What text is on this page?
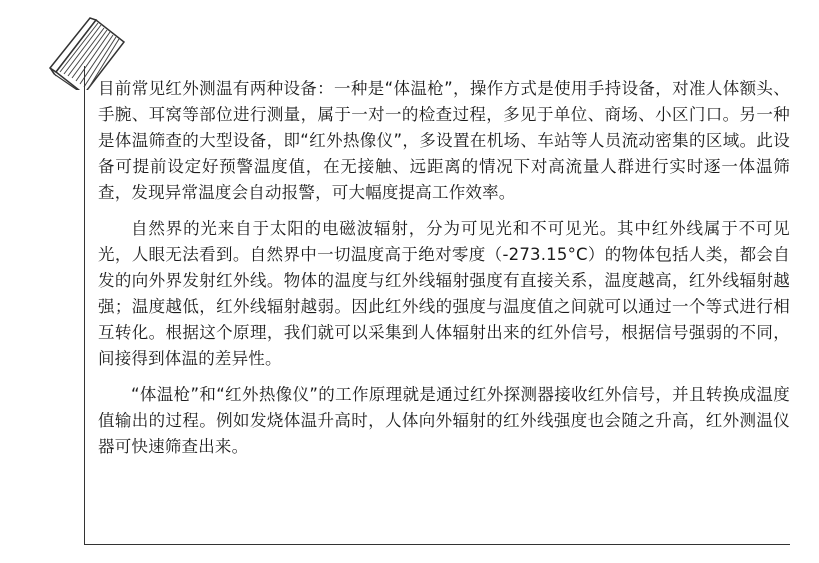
目前常见红外测温有两种设备：一种是“体温枪”，操作方式是使用手持设备，对准人体额头、手腕、耳窝等部位进行测量，属于一对一的检查过程，多见于单位、商场、小区门口。另一种是体温筛查的大型设备，即“红外热像仪”，多设置在机场、车站等人员流动密集的区域。此设备可提前设定好预警温度值，在无接触、远距离的情况下对高流量人群进行实时逐一体温筛查，发现异常温度会自动报警，可大幅度提高工作效率。

自然界的光来自于太阳的电磁波辐射，分为可见光和不可见光。其中红外线属于不可见光，人眼无法看到。自然界中一切温度高于绝对零度（-273.15°C）的物体包括人类，都会自发的向外界发射红外线。物体的温度与红外线辐射强度有直接关系，温度越高，红外线辐射越强；温度越低，红外线辐射越弱。因此红外线的强度与温度值之间就可以通过一个等式进行相互转化。根据这个原理，我们就可以采集到人体辐射出来的红外信号，根据信号强弱的不同，间接得到体温的差异性。

“体温枪”和“红外热像仪”的工作原理就是通过红外探测器接收红外信号，并且转换成温度值输出的过程。例如发烧体温升高时，人体向外辐射的红外线强度也会随之升高，红外测温仪器可快速筛查出来。
